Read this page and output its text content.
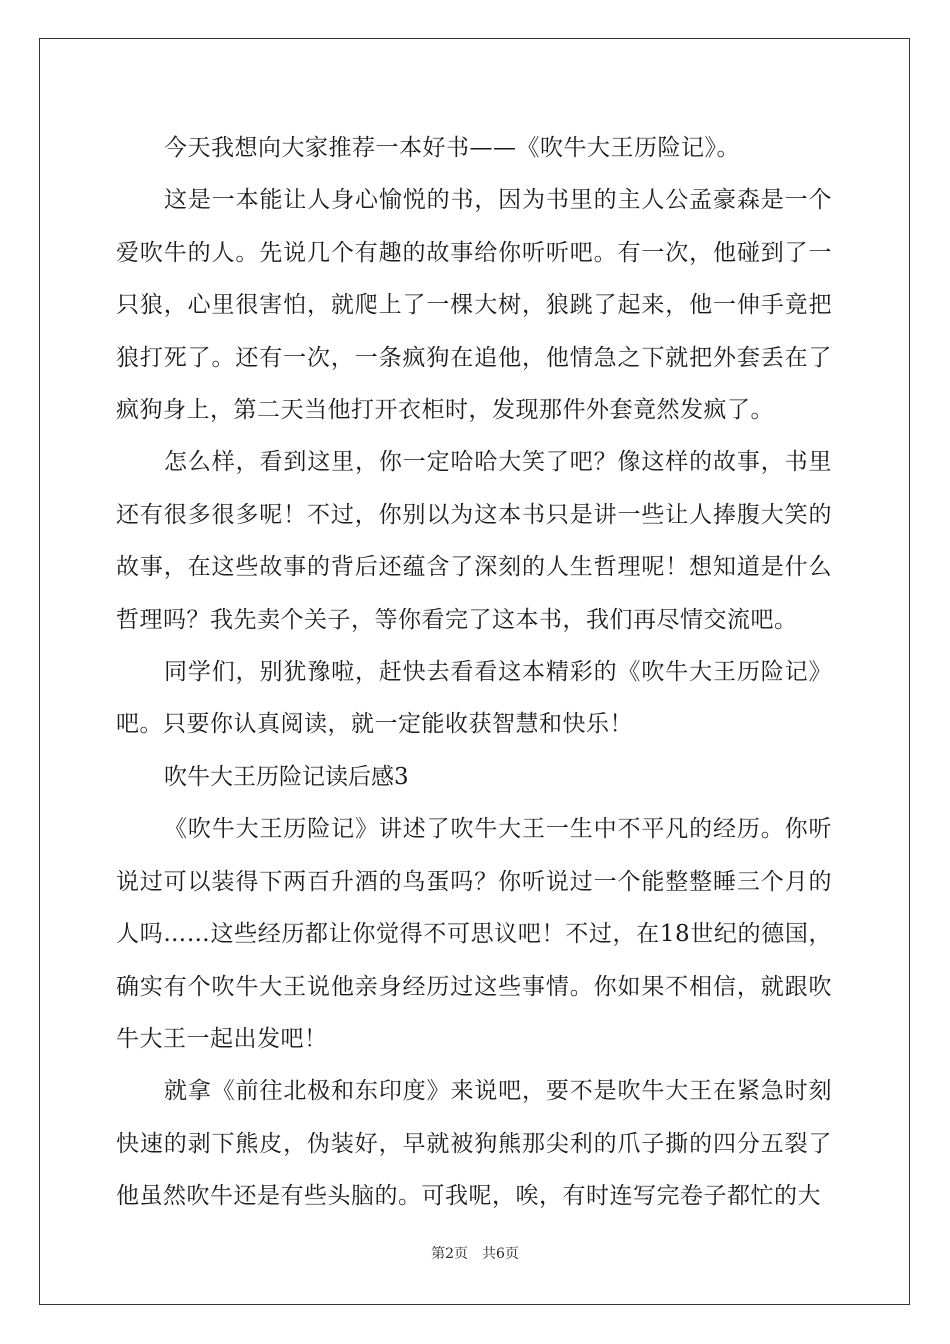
今天我想向大家推荐一本好书——《吹牛大王历险记》。

这是一本能让人身心愉悦的书，因为书里的主人公孟豪森是一个爱吹牛的人。先说几个有趣的故事给你听听吧。有一次，他碰到了一只狼，心里很害怕，就爬上了一棵大树，狼跳了起来，他一伸手竟把狼打死了。还有一次，一条疯狗在追他，他情急之下就把外套丢在了疯狗身上，第二天当他打开衣柜时，发现那件外套竟然发疯了。

怎么样，看到这里，你一定哈哈大笑了吧？像这样的故事，书里还有很多很多呢！不过，你别以为这本书只是讲一些让人捧腹大笑的故事，在这些故事的背后还蕴含了深刻的人生哲理呢！想知道是什么哲理吗？我先卖个关子，等你看完了这本书，我们再尽情交流吧。

同学们，别犹豫啦，赶快去看看这本精彩的《吹牛大王历险记》吧。只要你认真阅读，就一定能收获智慧和快乐！

吹牛大王历险记读后感3

《吹牛大王历险记》讲述了吹牛大王一生中不平凡的经历。你听说过可以装得下两百升酒的鸟蛋吗？你听说过一个能整整睡三个月的人吗……这些经历都让你觉得不可思议吧！不过，在18世纪的德国，确实有个吹牛大王说他亲身经历过这些事情。你如果不相信，就跟吹牛大王一起出发吧！

就拿《前往北极和东印度》来说吧，要不是吹牛大王在紧急时刻快速的剥下熊皮，伪装好，早就被狗熊那尖利的爪子撕的四分五裂了他虽然吹牛还是有些头脑的。可我呢，唉，有时连写完卷子都忙的大

第2页 共6页
